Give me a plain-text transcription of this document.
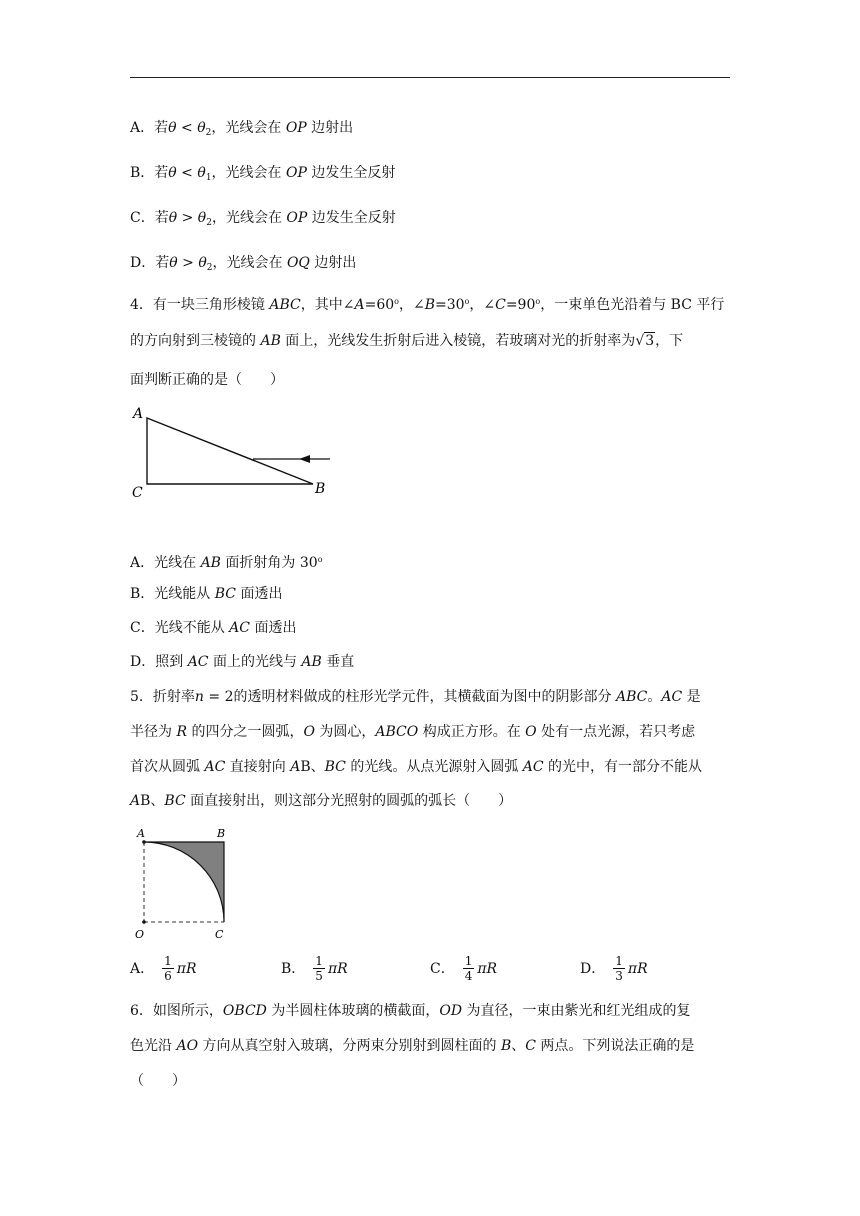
A．若$\theta < \theta_2$，光线会在 OP 边射出
B．若$\theta < \theta_1$，光线会在 OP 边发生全反射
C．若$\theta > \theta_2$，光线会在 OP 边发生全反射
D．若$\theta > \theta_2$，光线会在 OQ 边射出
4．有一块三角形棱镜 ABC，其中$\angle A=60^o$，$\angle B=30^o$，$\angle C=90^o$，一束单色光沿着与 BC 平行
的方向射到三棱镜的 AB 面上，光线发生折射后进入棱镜，若玻璃对光的折射率为√3，下
面判断正确的是（　　）
A
C	B
A．光线在 AB 面折射角为 30$^o$
B．光线能从 BC 面透出
C．光线不能从 AC 面透出
D．照到 AC 面上的光线与 AB 垂直
5．折射率n = 2的透明材料做成的柱形光学元件，其横截面为图中的阴影部分 ABC。AC 是
半径为 R 的四分之一圆弧，O 为圆心，ABCO 构成正方形。在 O 处有一点光源，若只考虑
首次从圆弧 AC 直接射向 AB、BC 的光线。从点光源射入圆弧 AC 的光中，有一部分不能从
AB、BC 面直接射出，则这部分光照射的圆弧的弧长（　　）
A	B
O	C
A． $\frac{1}{6}$ πR	B． $\frac{1}{5}$ πR	C． $\frac{1}{4}$ πR	D． $\frac{1}{3}$ πR
6．如图所示，OBCD 为半圆柱体玻璃的横截面，OD 为直径，一束由紫光和红光组成的复
色光沿 AO 方向从真空射入玻璃，分两束分别射到圆柱面的 B、C 两点。下列说法正确的是
（　　）
